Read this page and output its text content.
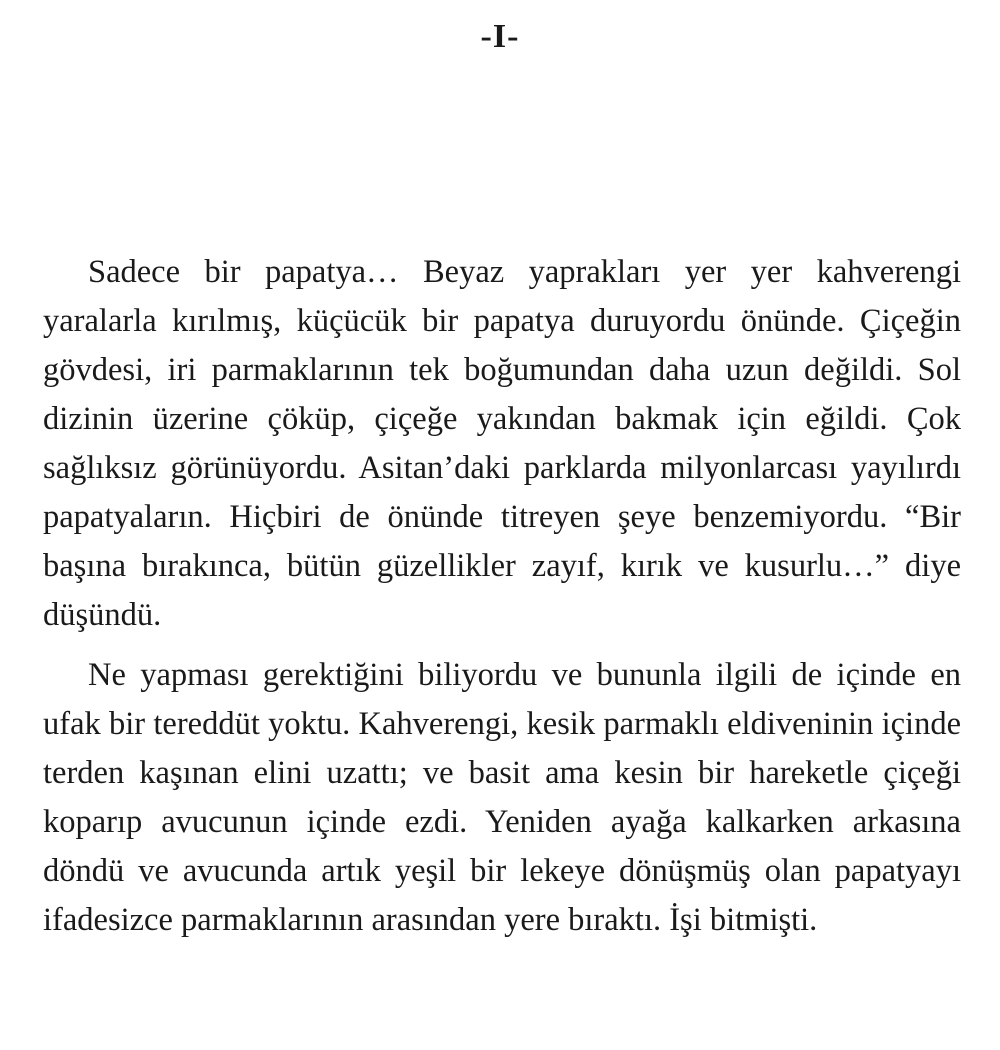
-I-

Sadece bir papatya… Beyaz yaprakları yer yer kahverengi yaralarla kırılmış, küçücük bir papatya duruyordu önünde. Çiçeğin gövdesi, iri parmaklarının tek boğumundan daha uzun değildi. Sol dizinin üzerine çöküp, çiçeğe yakından bakmak için eğildi. Çok sağlıksız görünüyordu. Asitan’daki parklarda milyonlarcası yayılırdı papatyaların. Hiçbiri de önünde titreyen şeye benzemiyordu. “Bir başına bırakınca, bütün güzellikler zayıf, kırık ve kusurlu…” diye düşündü.

Ne yapması gerektiğini biliyordu ve bununla ilgili de içinde en ufak bir tereddüt yoktu. Kahverengi, kesik parmaklı eldiveninin içinde terden kaşınan elini uzattı; ve basit ama kesin bir hareketle çiçeği koparıp avucunun içinde ezdi. Yeniden ayağa kalkarken arkasına döndü ve avucunda artık yeşil bir lekeye dönüşmüş olan papatyayı ifadesizce parmaklarının arasından yere bıraktı. İşi bitmişti.
